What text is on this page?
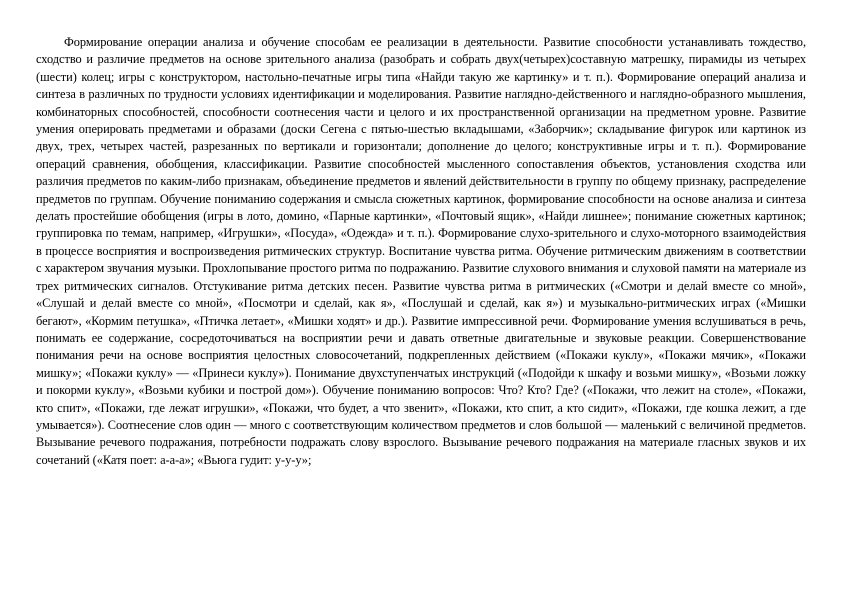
Формирование операции анализа и обучение способам ее реализации в деятельности. Развитие способности устанавливать тождество, сходство и различие предметов на основе зрительного анализа (разобрать и собрать двух(четырех)составную матрешку, пирамиды из четырех (шести) колец; игры с конструктором, настольно-печатные игры типа «Найди такую же картинку» и т. п.). Формирование операций анализа и синтеза в различных по трудности условиях идентификации и моделирования. Развитие наглядно-действенного и наглядно-образного мышления, комбинаторных способностей, способности соотнесения части и целого и их пространственной организации на предметном уровне. Развитие умения оперировать предметами и образами (доски Сегена с пятью-шестью вкладышами, «Заборчик»; складывание фигурок или картинок из двух, трех, четырех частей, разрезанных по вертикали и горизонтали; дополнение до целого; конструктивные игры и т. п.). Формирование операций сравнения, обобщения, классификации. Развитие способностей мысленного сопоставления объектов, установления сходства или различия предметов по каким-либо признакам, объединение предметов и явлений действительности в группу по общему признаку, распределение предметов по группам. Обучение пониманию содержания и смысла сюжетных картинок, формирование способности на основе анализа и синтеза делать простейшие обобщения (игры в лото, домино, «Парные картинки», «Почтовый ящик», «Найди лишнее»; понимание сюжетных картинок; группировка по темам, например, «Игрушки», «Посуда», «Одежда» и т. п.). Формирование слухо-зрительного и слухо-моторного взаимодействия в процессе восприятия и воспроизведения ритмических структур. Воспитание чувства ритма. Обучение ритмическим движениям в соответствии с характером звучания музыки. Прохлопывание простого ритма по подражанию. Развитие слухового внимания и слуховой памяти на материале из трех ритмических сигналов. Отстукивание ритма детских песен. Развитие чувства ритма в ритмических («Смотри и делай вместе со мной», «Слушай и делай вместе со мной», «Посмотри и сделай, как я», «Послушай и сделай, как я») и музыкально-ритмических играх («Мишки бегают», «Кормим петушка», «Птичка летает», «Мишки ходят» и др.). Развитие импрессивной речи. Формирование умения вслушиваться в речь, понимать ее содержание, сосредоточиваться на восприятии речи и давать ответные двигательные и звуковые реакции. Совершенствование понимания речи на основе восприятия целостных словосочетаний, подкрепленных действием («Покажи куклу», «Покажи мячик», «Покажи мишку»; «Покажи куклу» — «Принеси куклу»). Понимание двухступенчатых инструкций («Подойди к шкафу и возьми мишку», «Возьми ложку и покорми куклу», «Возьми кубики и построй дом»). Обучение пониманию вопросов: Что? Кто? Где? («Покажи, что лежит на столе», «Покажи, кто спит», «Покажи, где лежат игрушки», «Покажи, что будет, а что звенит», «Покажи, кто спит, а кто сидит», «Покажи, где кошка лежит, а где умывается»). Соотнесение слов один — много с соответствующим количеством предметов и слов большой — маленький с величиной предметов. Вызывание речевого подражания, потребности подражать слову взрослого. Вызывание речевого подражания на материале гласных звуков и их сочетаний («Катя поет: а-а-а»; «Вьюга гудит: у-у-у»;
